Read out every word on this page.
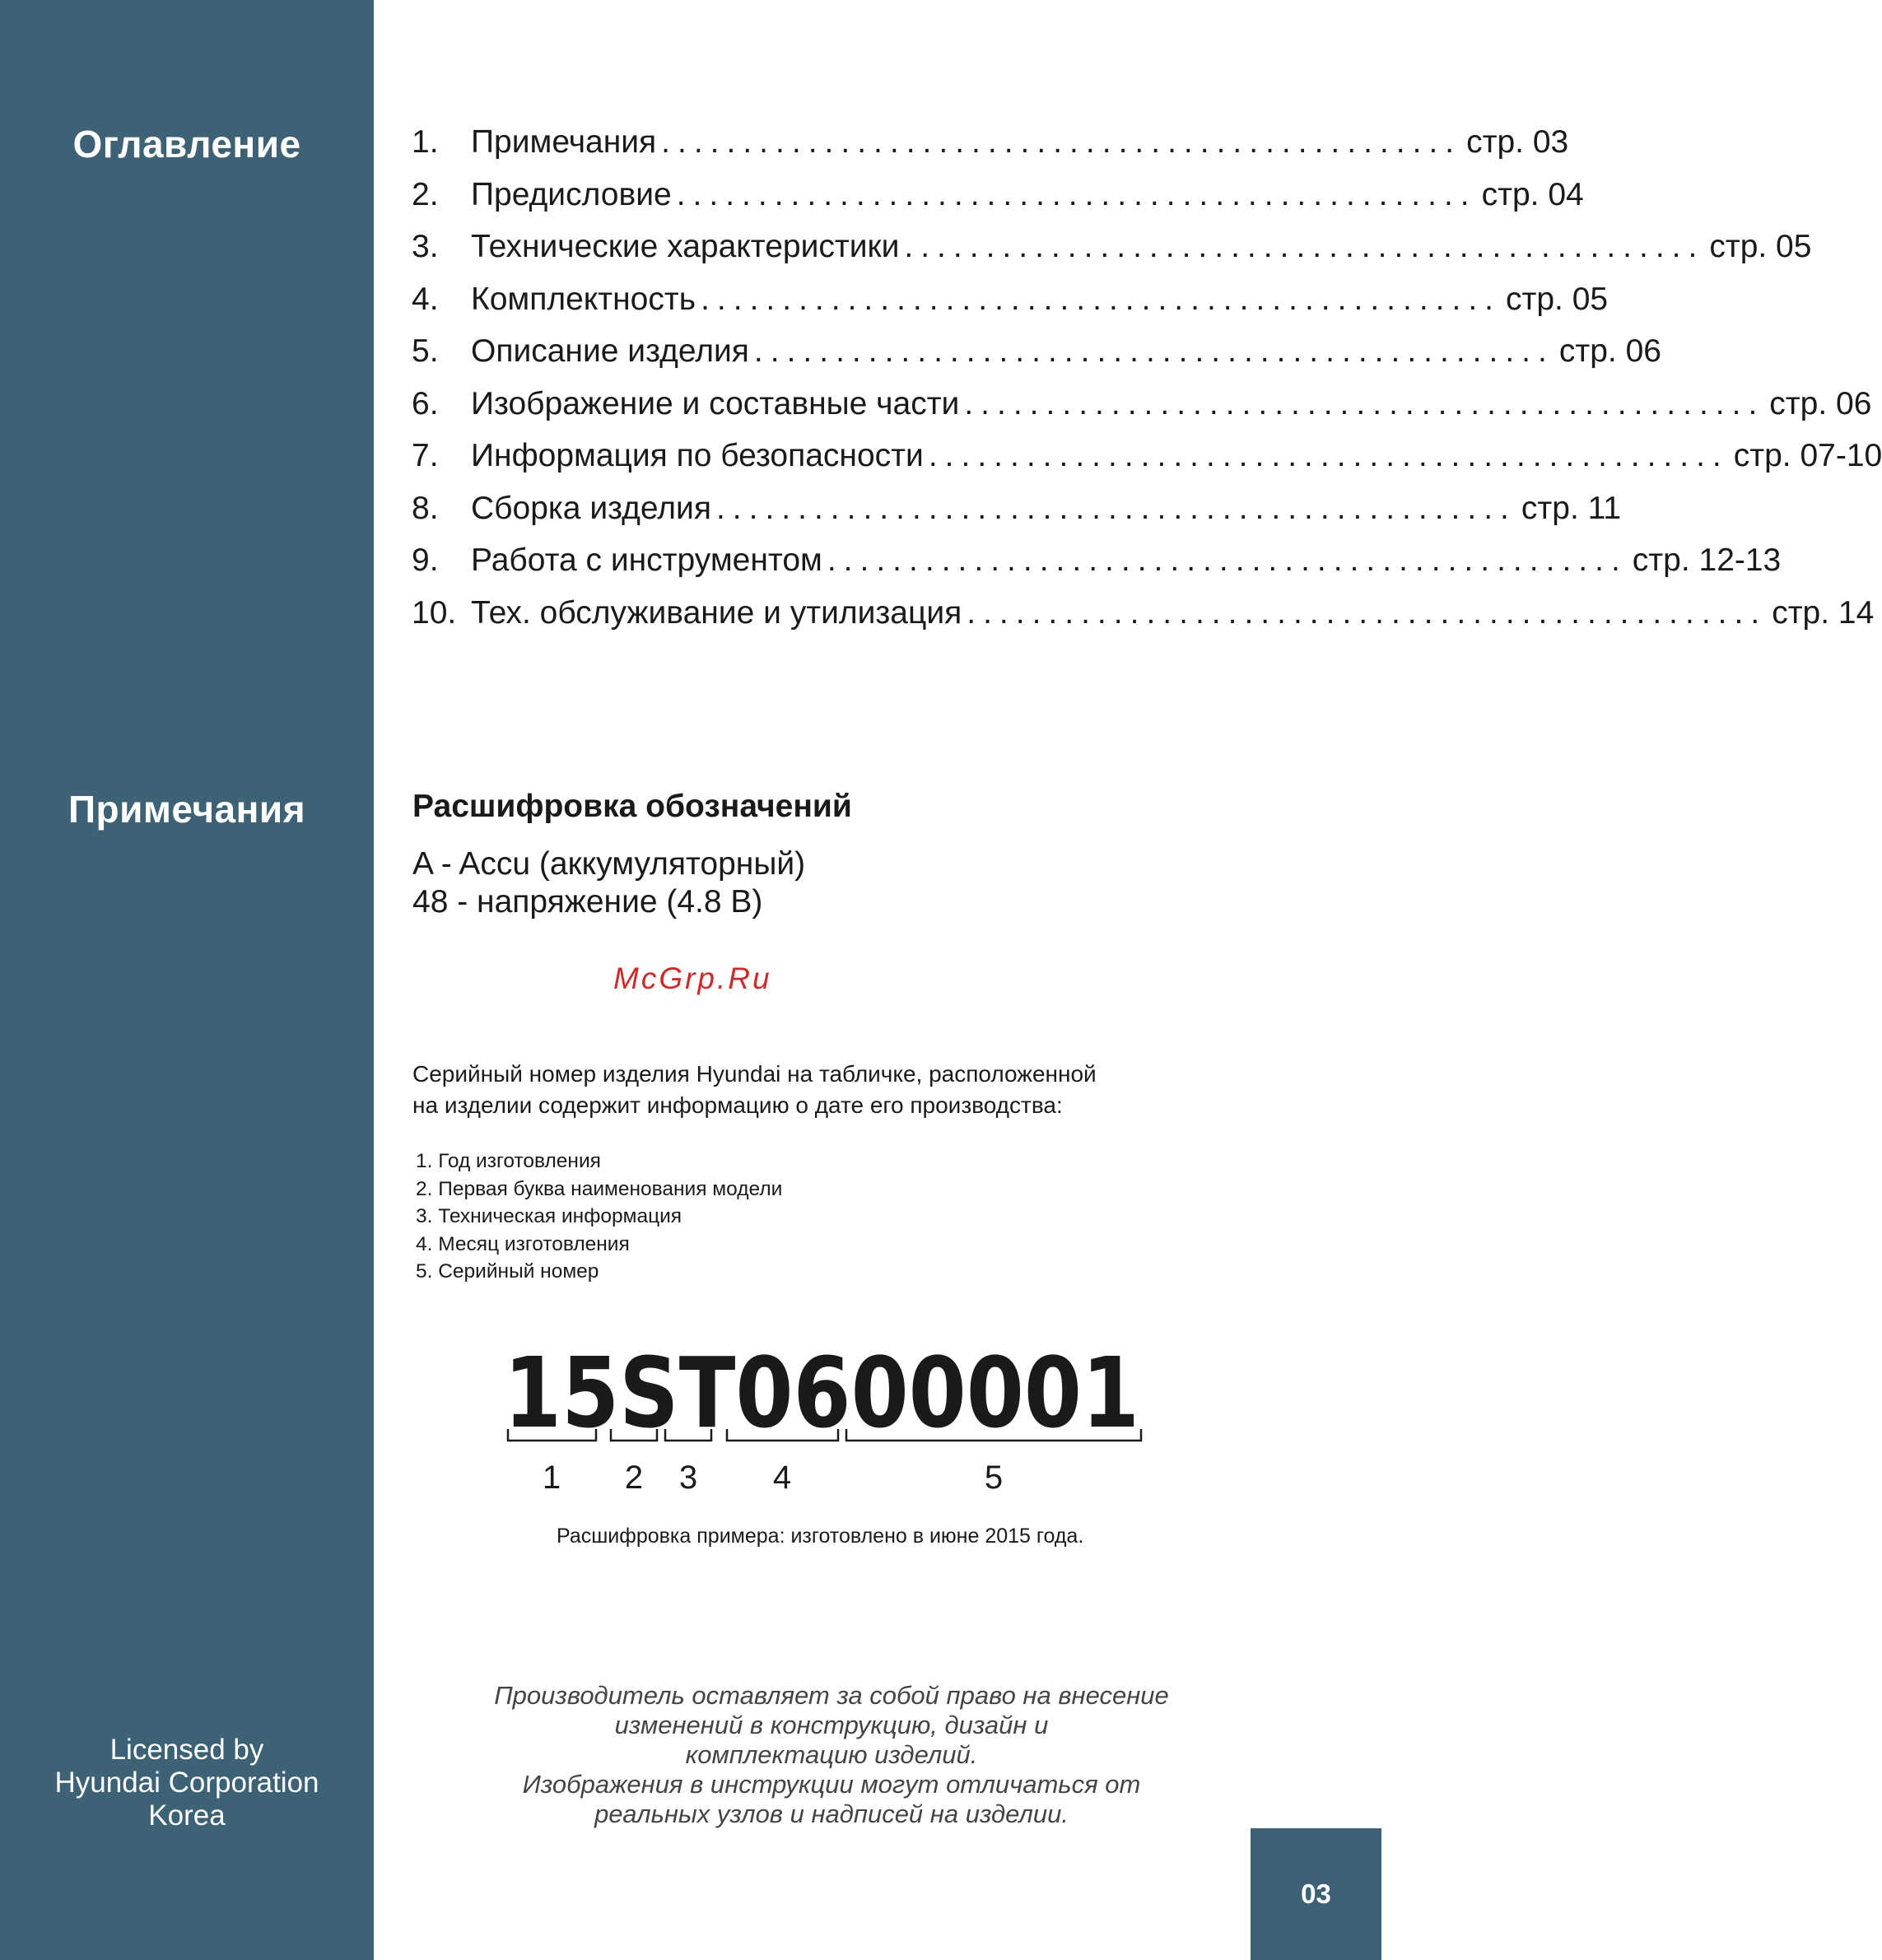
Оглавление
Примечания
Licensed by
Hyundai Corporation
Korea
1.	Примечания ................................................. стр. 03
2.	Предисловие ................................................. стр. 04
3.	Технические характеристики ................................................. стр. 05
4.	Комплектность ................................................. стр. 05
5.	Описание изделия ................................................. стр. 06
6.	Изображение и составные части ................................................. стр. 06
7.	Информация по безопасности ................................................. стр. 07-10
8.	Сборка изделия ................................................. стр. 11
9.	Работа с инструментом ................................................. стр. 12-13
10. Тех. обслуживание и утилизация ................................................. стр. 14
Расшифровка обозначений
A - Accu (аккумуляторный)
48 - напряжение (4.8 В)
McGrp.Ru
Серийный номер изделия Hyundai на табличке, расположенной
на изделии содержит информацию о дате его производства:
1. Год изготовления
2. Первая буква наименования модели
3. Техническая информация
4. Месяц изготовления
5. Серийный номер
15ST0600001
1 2 3 4	5
Расшифровка примера: изготовлено в июне 2015 года.
Производитель оставляет за собой право на внесение
изменений в конструкцию, дизайн и
комплектацию изделий.
Изображения в инструкции могут отличаться от
реальных узлов и надписей на изделии.
03
